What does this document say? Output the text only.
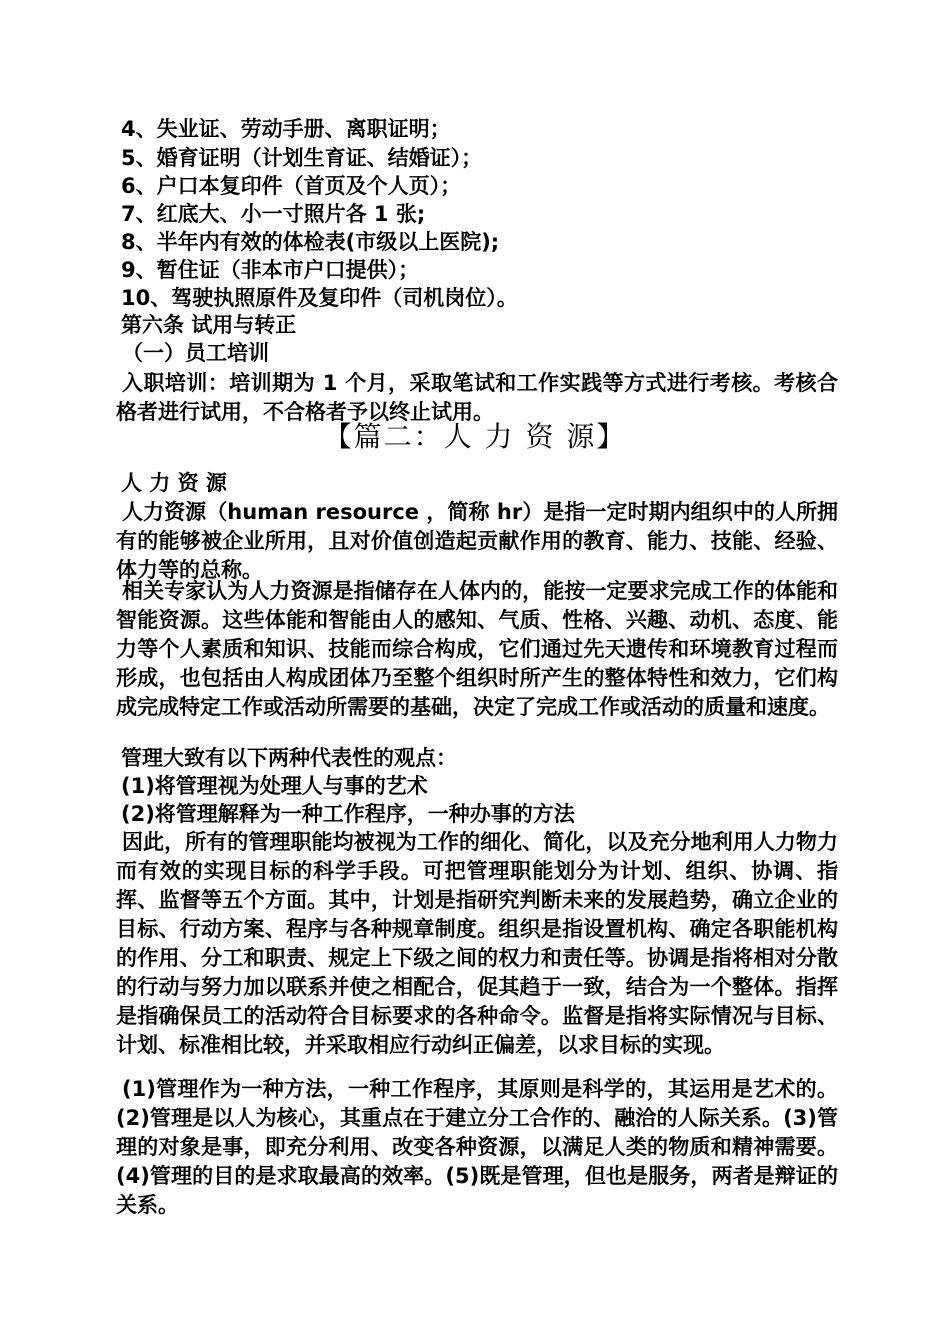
4、失业证、劳动手册、离职证明；
5、婚育证明（计划生育证、结婚证）；
6、户口本复印件（首页及个人页）；
7、红底大、小一寸照片各 1 张;
8、半年内有效的体检表(市级以上医院);
9、暂住证（非本市户口提供）；
10、驾驶执照原件及复印件（司机岗位）。
第六条 试用与转正
（一）员工培训

入职培训：培训期为 1 个月，采取笔试和工作实践等方式进行考核。考核合格者进行试用，不合格者予以终止试用。

【篇二：人 力 资 源】
人 力 资 源

人力资源（human resource ，简称 hr）是指一定时期内组织中的人所拥有的能够被企业所用，且对价值创造起贡献作用的教育、能力、技能、经验、体力等的总称。

相关专家认为人力资源是指储存在人体内的，能按一定要求完成工作的体能和智能资源。这些体能和智能由人的感知、气质、性格、兴趣、动机、态度、能力等个人素质和知识、技能而综合构成，它们通过先天遗传和环境教育过程而形成，也包括由人构成团体乃至整个组织时所产生的整体特性和效力，它们构成完成特定工作或活动所需要的基础，决定了完成工作或活动的质量和速度。

管理大致有以下两种代表性的观点：
(1)将管理视为处理人与事的艺术
(2)将管理解释为一种工作程序，一种办事的方法

因此，所有的管理职能均被视为工作的细化、简化，以及充分地利用人力物力而有效的实现目标的科学手段。可把管理职能划分为计划、组织、协调、指挥、监督等五个方面。其中，计划是指研究判断未来的发展趋势，确立企业的目标、行动方案、程序与各种规章制度。组织是指设置机构、确定各职能机构的作用、分工和职责、规定上下级之间的权力和责任等。协调是指将相对分散的行动与努力加以联系并使之相配合，促其趋于一致，结合为一个整体。指挥是指确保员工的活动符合目标要求的各种命令。监督是指将实际情况与目标、计划、标准相比较，并采取相应行动纠正偏差，以求目标的实现。

(1)管理作为一种方法，一种工作程序，其原则是科学的，其运用是艺术的。 (2)管理是以人为核心，其重点在于建立分工合作的、融洽的人际关系。(3)管理的对象是事，即充分利用、改变各种资源，以满足人类的物质和精神需要。 (4)管理的目的是求取最高的效率。(5)既是管理，但也是服务，两者是辩证的关系。
